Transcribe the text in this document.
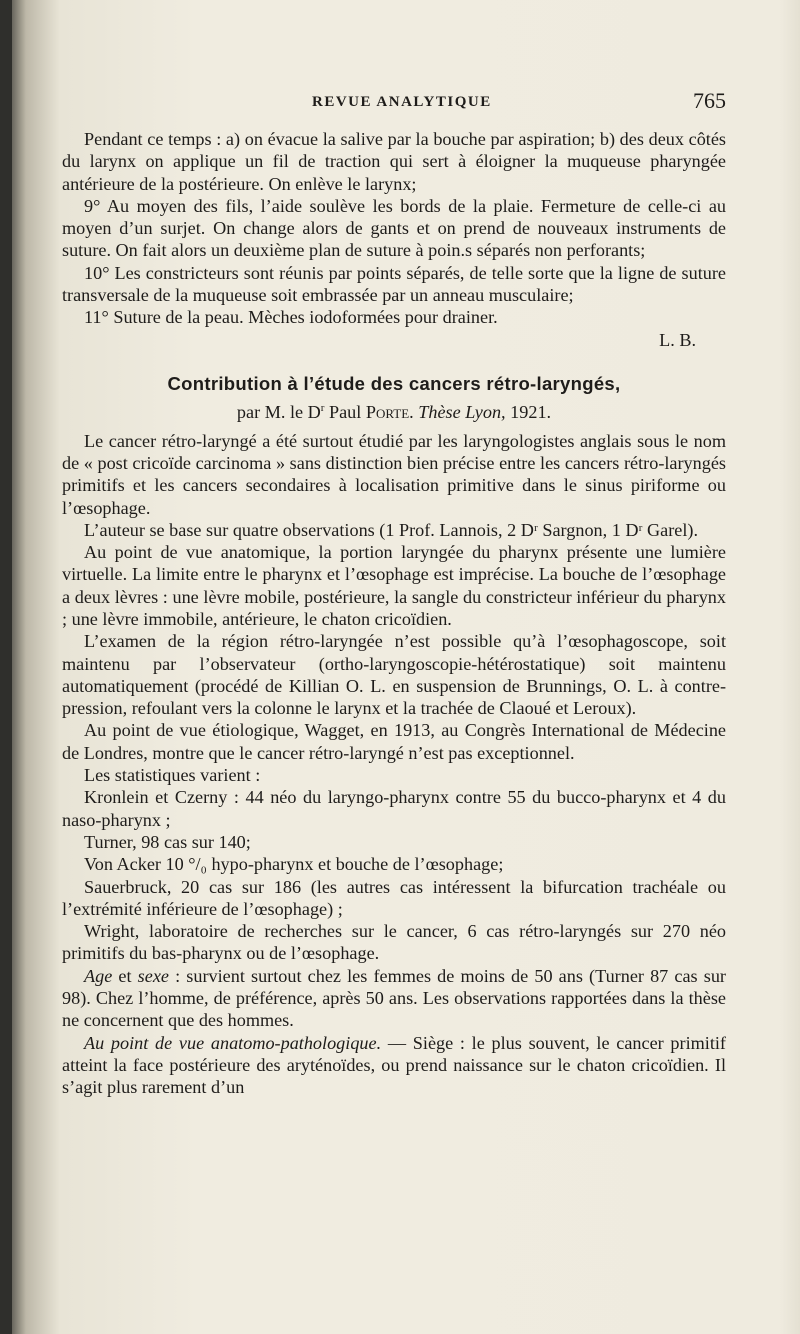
REVUE ANALYTIQUE	765

Pendant ce temps : a) on évacue la salive par la bouche par aspiration; b) des deux côtés du larynx on applique un fil de traction qui sert à éloigner la muqueuse pharyngée antérieure de la postérieure. On enlève le larynx;

9° Au moyen des fils, l’aide soulève les bords de la plaie. Fermeture de celle-ci au moyen d’un surjet. On change alors de gants et on prend de nouveaux instruments de suture. On fait alors un deuxième plan de suture à poin.s séparés non perforants;

10° Les constricteurs sont réunis par points séparés, de telle sorte que la ligne de suture transversale de la muqueuse soit embrassée par un anneau musculaire;

11° Suture de la peau. Mèches iodoformées pour drainer.

L. B.

Contribution à l’étude des cancers rétro-laryngés,
par M. le $D^r$ Paul Porte. Thèse Lyon, 1921.

Le cancer rétro-laryngé a été surtout étudié par les laryngologistes anglais sous le nom de « post cricoïde carcinoma » sans distinction bien précise entre les cancers rétro-laryngés primitifs et les cancers secondaires à localisation primitive dans le sinus piriforme ou l’œsophage.

L’auteur se base sur quatre observations (1 Prof. Lannois, 2 Dʳ Sargnon, 1 Dʳ Garel).

Au point de vue anatomique, la portion laryngée du pharynx présente une lumière virtuelle. La limite entre le pharynx et l’œsophage est imprécise. La bouche de l’œsophage a deux lèvres : une lèvre mobile, postérieure, la sangle du constricteur inférieur du pharynx ; une lèvre immobile, antérieure, le chaton cricoïdien.

L’examen de la région rétro-laryngée n’est possible qu’à l’œsophagoscope, soit maintenu par l’observateur (ortho-laryngoscopie-hétérostatique) soit maintenu automatiquement (procédé de Killian O. L. en suspension de Brunnings, O. L. à contre-pression, refoulant vers la colonne le larynx et la trachée de Claoué et Leroux).

Au point de vue étiologique, Wagget, en 1913, au Congrès International de Médecine de Londres, montre que le cancer rétro-laryngé n’est pas exceptionnel.

Les statistiques varient :

Kronlein et Czerny : 44 néo du laryngo-pharynx contre 55 du bucco-pharynx et 4 du naso-pharynx ;

Turner, 98 cas sur 140;

Von Acker 10 °/₀ hypo-pharynx et bouche de l’œsophage;

Sauerbruck, 20 cas sur 186 (les autres cas intéressent la bifurcation trachéale ou l’extrémité inférieure de l’œsophage) ;

Wright, laboratoire de recherches sur le cancer, 6 cas rétro-laryngés sur 270 néo primitifs du bas-pharynx ou de l’œsophage.

Age et sexe : survient surtout chez les femmes de moins de 50 ans (Turner 87 cas sur 98). Chez l’homme, de préférence, après 50 ans. Les observations rapportées dans la thèse ne concernent que des hommes.

Au point de vue anatomo-pathologique. — Siège : le plus souvent, le cancer primitif atteint la face postérieure des aryténoïdes, ou prend naissance sur le chaton cricoïdien. Il s’agit plus rarement d’un
